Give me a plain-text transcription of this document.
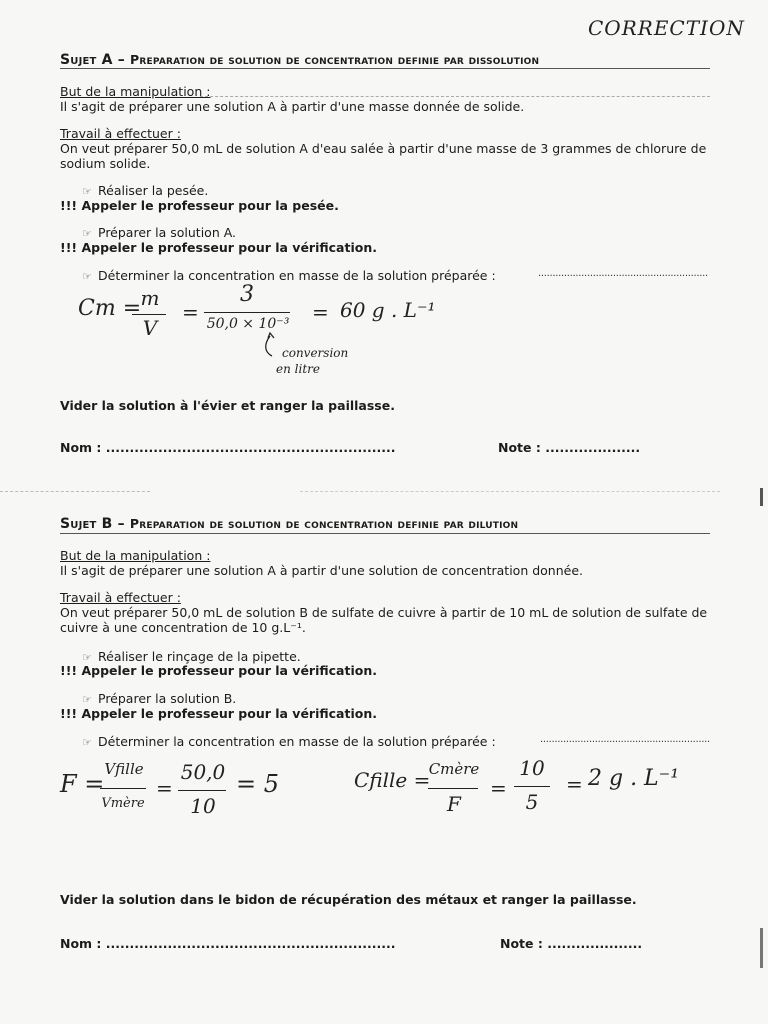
CORRECTION
Sujet A – Preparation de solution de concentration definie par dissolution
But de la manipulation :
Il s'agit de préparer une solution A à partir d'une masse donnée de solide.
Travail à effectuer :
On veut préparer 50,0 mL de solution A d'eau salée à partir d'une masse de 3 grammes de chlorure de
sodium solide.
☞ Réaliser la pesée.
!!! Appeler le professeur pour la pesée.
☞ Préparer la solution A.
!!! Appeler le professeur pour la vérification.
☞ Déterminer la concentration en masse de la solution préparée :	...........................................................
Cm = m
V
=
3
50,0 × 10⁻³	= 60 g . L⁻¹
conversion
en litre
Vider la solution à l'évier et ranger la paillasse.
Nom : .............................................................	Note : ....................
Sujet B – Preparation de solution de concentration definie par dilution
But de la manipulation :
Il s'agit de préparer une solution A à partir d'une solution de concentration donnée.
Travail à effectuer :
On veut préparer 50,0 mL de solution B de sulfate de cuivre à partir de 10 mL de solution de sulfate de
cuivre à une concentration de 10 g.L⁻¹.
☞ Réaliser le rinçage de la pipette.
!!! Appeler le professeur pour la vérification.
☞ Préparer la solution B.
!!! Appeler le professeur pour la vérification.
☞ Déterminer la concentration en masse de la solution préparée :	...........................................................
F =
Vfille
Vmère
=
50,0
10
= 5	Cfille =
Cmère
F
=
10
5
= 2 g . L⁻¹
Vider la solution dans le bidon de récupération des métaux et ranger la paillasse.
Nom : .............................................................	Note : ....................
